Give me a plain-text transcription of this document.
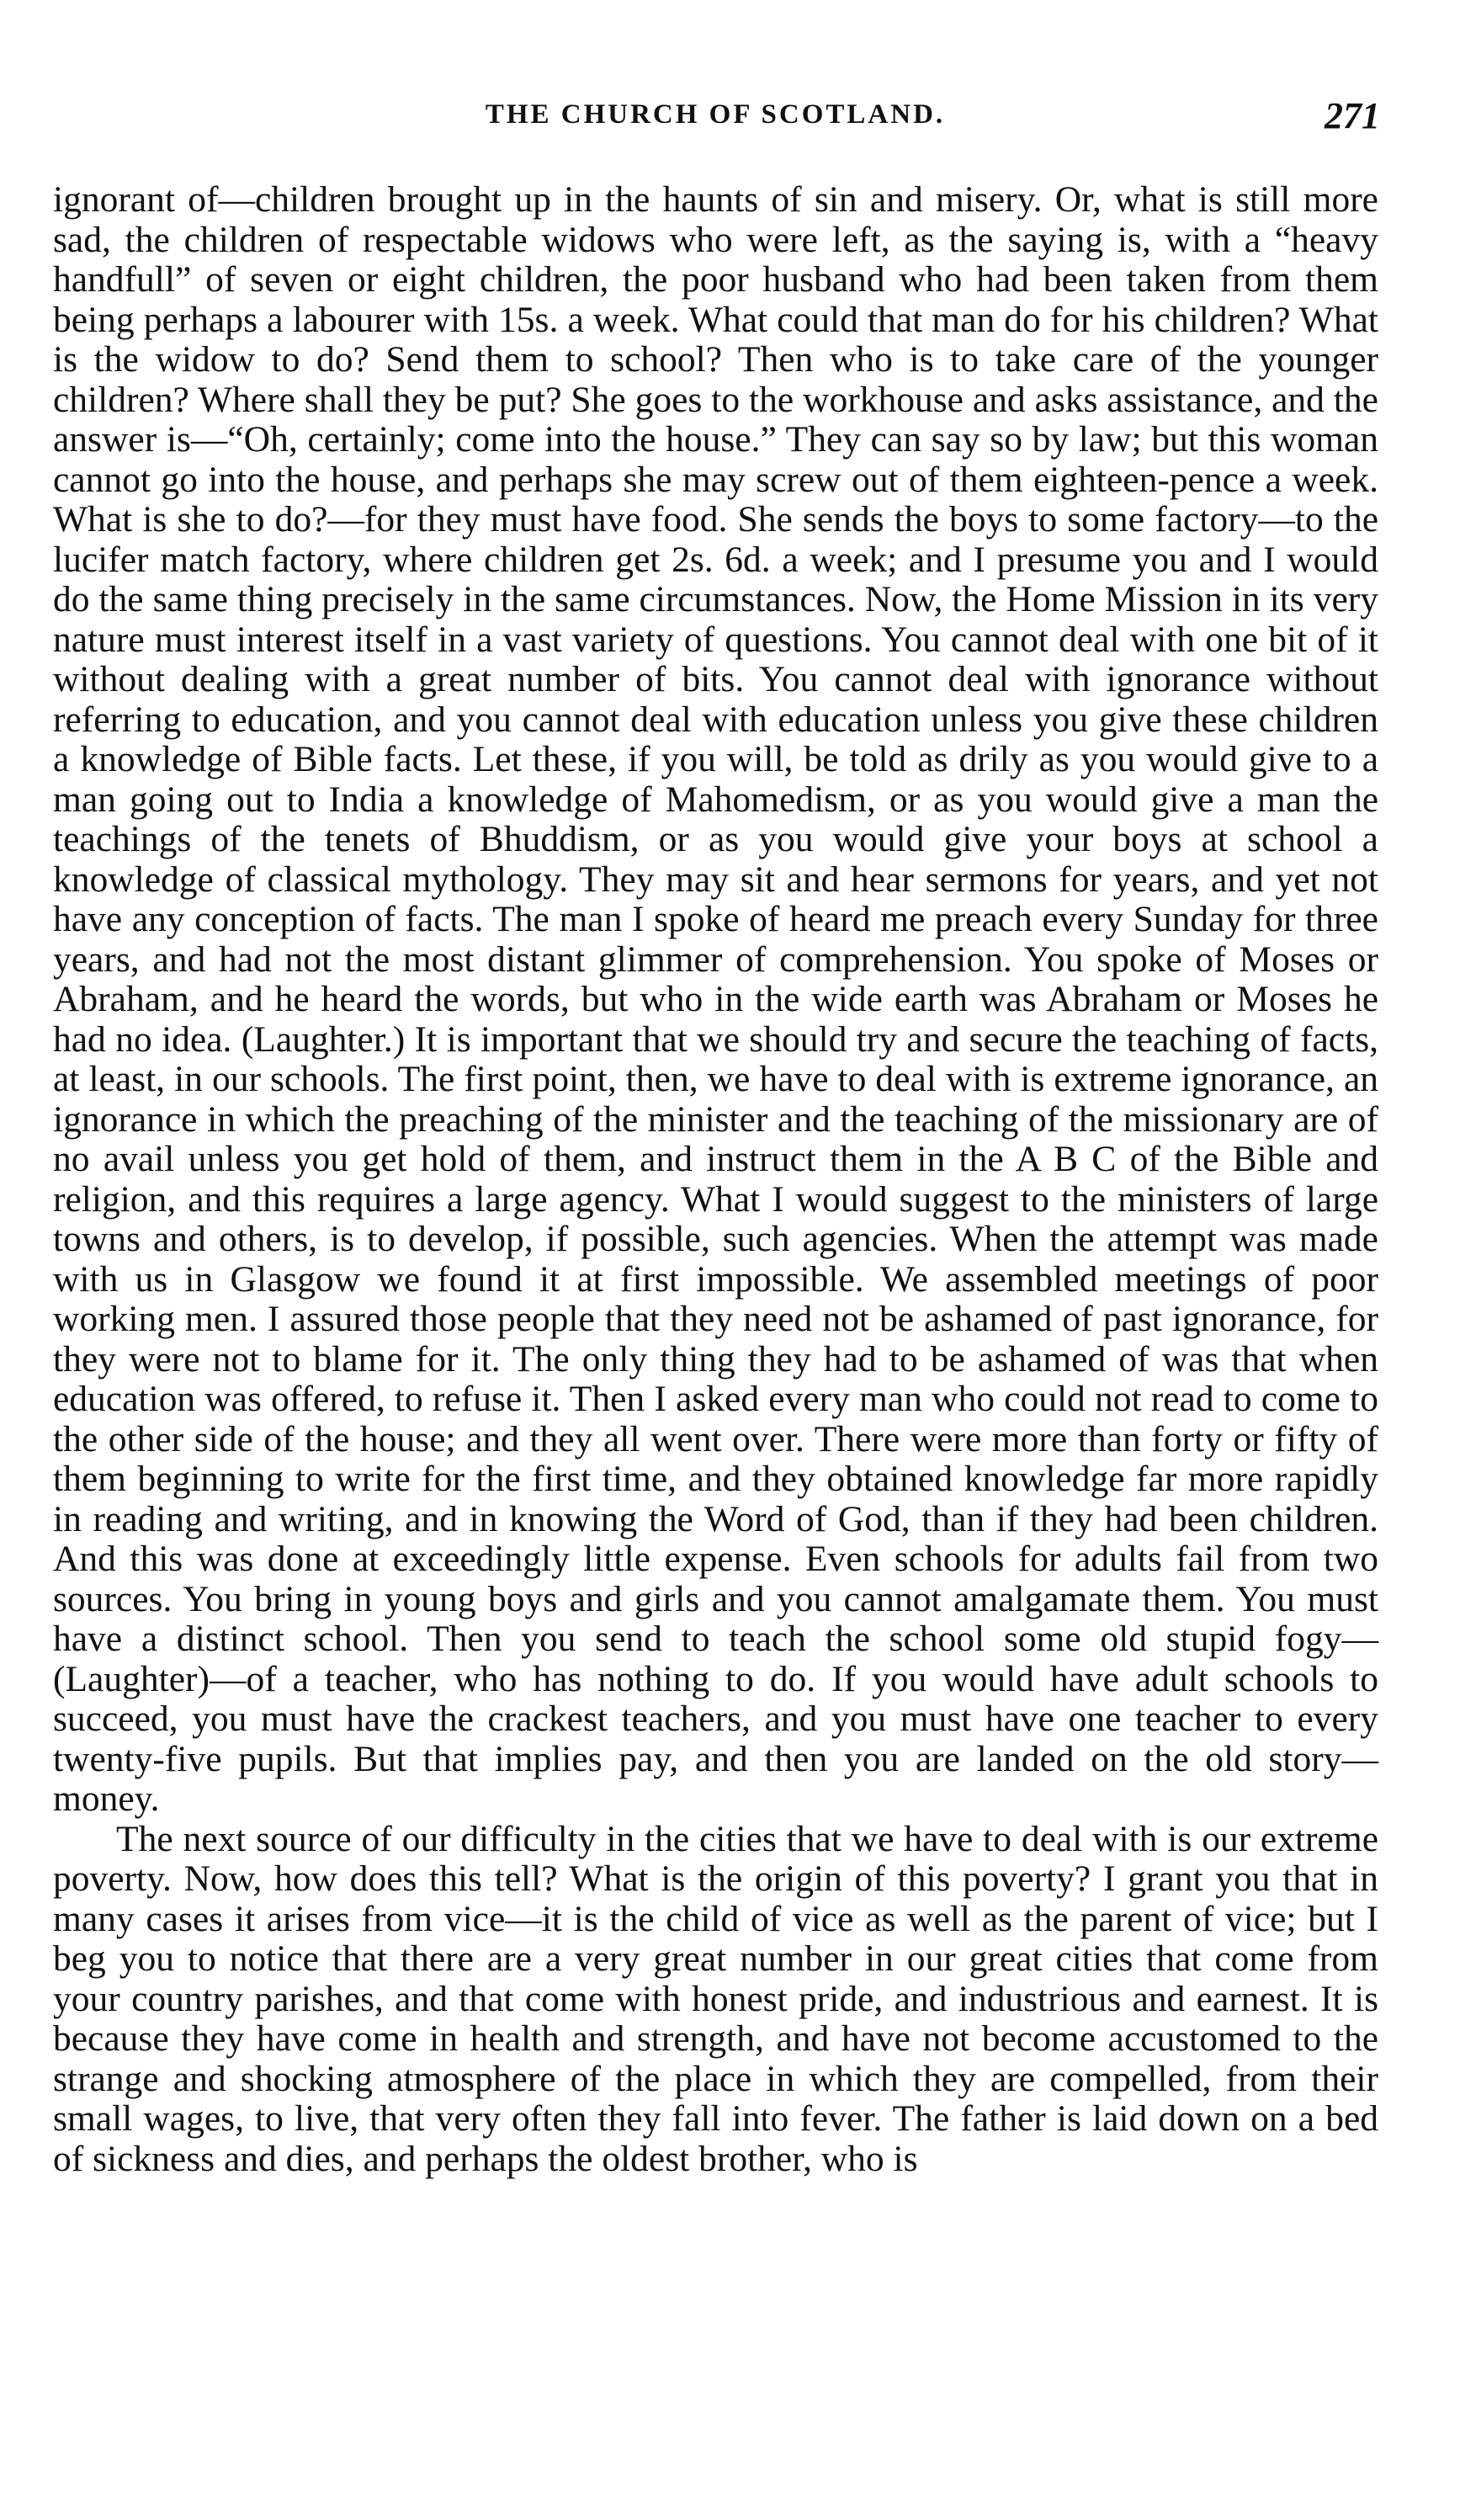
THE CHURCH OF SCOTLAND.	271

ignorant of—children brought up in the haunts of sin and misery. Or, what is still more sad, the children of respectable widows who were left, as the saying is, with a “heavy handfull” of seven or eight children, the poor husband who had been taken from them being perhaps a labourer with 15s. a week. What could that man do for his children? What is the widow to do? Send them to school? Then who is to take care of the younger children? Where shall they be put? She goes to the workhouse and asks assistance, and the answer is—“Oh, certainly; come into the house.” They can say so by law; but this woman cannot go into the house, and perhaps she may screw out of them eighteen-pence a week. What is she to do?—for they must have food. She sends the boys to some factory—to the lucifer match factory, where children get 2s. 6d. a week; and I presume you and I would do the same thing precisely in the same circumstances. Now, the Home Mission in its very nature must interest itself in a vast variety of questions. You cannot deal with one bit of it without dealing with a great number of bits. You cannot deal with ignorance without referring to education, and you cannot deal with education unless you give these children a knowledge of Bible facts. Let these, if you will, be told as drily as you would give to a man going out to India a knowledge of Mahomedism, or as you would give a man the teachings of the tenets of Bhuddism, or as you would give your boys at school a knowledge of classical mythology. They may sit and hear sermons for years, and yet not have any conception of facts. The man I spoke of heard me preach every Sunday for three years, and had not the most distant glimmer of comprehension. You spoke of Moses or Abraham, and he heard the words, but who in the wide earth was Abraham or Moses he had no idea. (Laughter.) It is important that we should try and secure the teaching of facts, at least, in our schools. The first point, then, we have to deal with is extreme ignorance, an ignorance in which the preaching of the minister and the teaching of the missionary are of no avail unless you get hold of them, and instruct them in the A B C of the Bible and religion, and this requires a large agency. What I would suggest to the ministers of large towns and others, is to develop, if possible, such agencies. When the attempt was made with us in Glasgow we found it at first impossible. We assembled meetings of poor working men. I assured those people that they need not be ashamed of past ignorance, for they were not to blame for it. The only thing they had to be ashamed of was that when education was offered, to refuse it. Then I asked every man who could not read to come to the other side of the house; and they all went over. There were more than forty or fifty of them beginning to write for the first time, and they obtained knowledge far more rapidly in reading and writing, and in knowing the Word of God, than if they had been children. And this was done at exceedingly little expense. Even schools for adults fail from two sources. You bring in young boys and girls and you cannot amalgamate them. You must have a distinct school. Then you send to teach the school some old stupid fogy—(Laughter)—of a teacher, who has nothing to do. If you would have adult schools to succeed, you must have the crackest teachers, and you must have one teacher to every twenty-five pupils. But that implies pay, and then you are landed on the old story—money.

The next source of our difficulty in the cities that we have to deal with is our extreme poverty. Now, how does this tell? What is the origin of this poverty? I grant you that in many cases it arises from vice—it is the child of vice as well as the parent of vice; but I beg you to notice that there are a very great number in our great cities that come from your country parishes, and that come with honest pride, and industrious and earnest. It is because they have come in health and strength, and have not become accustomed to the strange and shocking atmosphere of the place in which they are compelled, from their small wages, to live, that very often they fall into fever. The father is laid down on a bed of sickness and dies, and perhaps the oldest brother, who is
